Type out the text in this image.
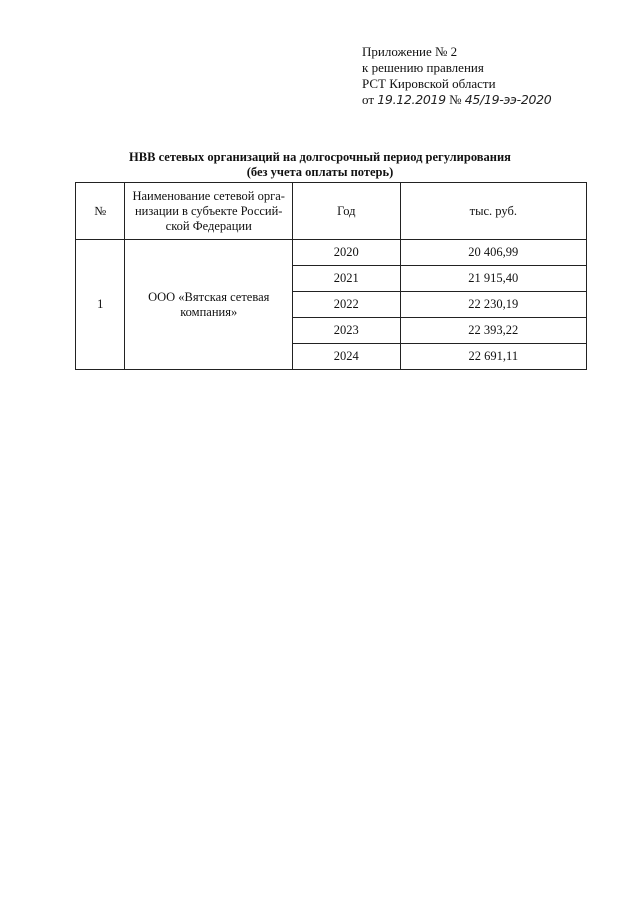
Приложение № 2
к решению правления
РСТ Кировской области
от 19.12.2019 № 45/19-ээ-2020
НВВ сетевых организаций на долгосрочный период регулирования
(без учета оплаты потерь)
№	Наименование сетевой орга-низации в субъекте Россий-ской Федерации	Год	тыс. руб.
1	ООО «Вятская сетевая компания»	2020	20 406,99
		2021	21 915,40
		2022	22 230,19
		2023	22 393,22
		2024	22 691,11
